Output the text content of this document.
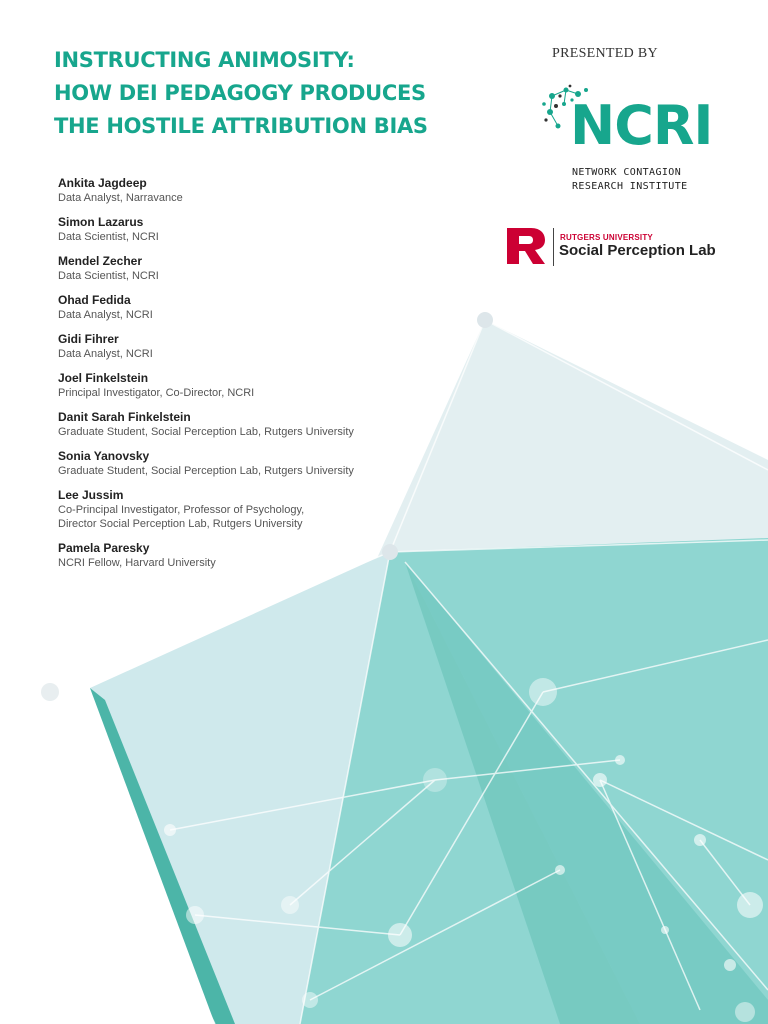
INSTRUCTING ANIMOSITY:
HOW DEI PEDAGOGY PRODUCES
THE HOSTILE ATTRIBUTION BIAS
PRESENTED BY
NCRI
NETWORK CONTAGION
RESEARCH INSTITUTE
RUTGERS UNIVERSITY
Social Perception Lab
Ankita Jagdeep
Data Analyst, Narravance
Simon Lazarus
Data Scientist, NCRI
Mendel Zecher
Data Scientist, NCRI
Ohad Fedida
Data Analyst, NCRI
Gidi Fihrer
Data Analyst, NCRI
Joel Finkelstein
Principal Investigator, Co-Director, NCRI
Danit Sarah Finkelstein
Graduate Student, Social Perception Lab, Rutgers University
Sonia Yanovsky
Graduate Student, Social Perception Lab, Rutgers University
Lee Jussim
Co-Principal Investigator, Professor of Psychology,
Director Social Perception Lab, Rutgers University
Pamela Paresky
NCRI Fellow, Harvard University
